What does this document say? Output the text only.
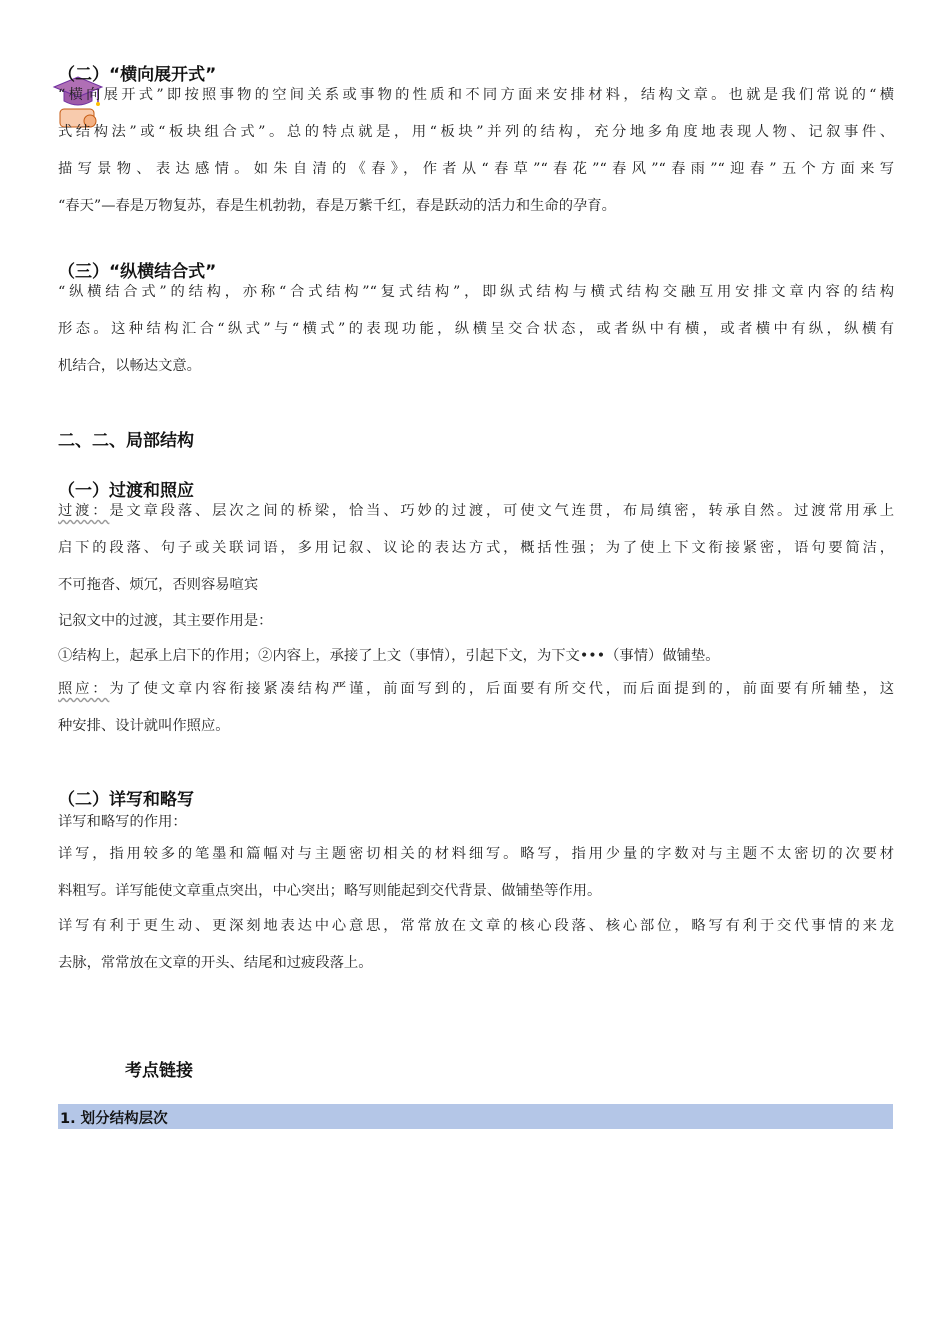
（二）“横向展开式”
“横向展开式”即按照事物的空间关系或事物的性质和不同方面来安排材料，结构文章。也就是我们常说的“横
式结构法”或“板块组合式”。总的特点就是，用“板块”并列的结构，充分地多角度地表现人物、记叙事件、
描写景物、表达感情。如朱自清的《春》，作者从“春草”“春花”“春风”“春雨”“迎春”五个方面来写
“春天”—春是万物复苏，春是生机勃勃，春是万紫千红，春是跃动的活力和生命的孕育。
（三）“纵横结合式”
“纵横结合式”的结构，亦称“合式结构”“复式结构”，即纵式结构与横式结构交融互用安排文章内容的结构
形态。这种结构汇合“纵式”与“横式”的表现功能，纵横呈交合状态，或者纵中有横，或者横中有纵，纵横有
机结合，以畅达文意。
二、二、局部结构
（一）过渡和照应
过渡：是文章段落、层次之间的桥梁，恰当、巧妙的过渡，可使文气连贯，布局缜密，转承自然。过渡常用承上
启下的段落、句子或关联词语，多用记叙、议论的表达方式，概括性强；为了使上下文衔接紧密，语句要简洁，
不可拖沓、烦冗，否则容易喧宾
记叙文中的过渡，其主要作用是：
①结构上，起承上启下的作用；②内容上，承接了上文（事情），引起下文，为下文•••（事情）做铺垫。
照应：为了使文章内容衔接紧凑结构严谨，前面写到的，后面要有所交代，而后面提到的，前面要有所辅垫，这
种安排、设计就叫作照应。
（二）详写和略写
详写和略写的作用：
详写，指用较多的笔墨和篇幅对与主题密切相关的材料细写。略写，指用少量的字数对与主题不太密切的次要材
料粗写。详写能使文章重点突出，中心突出；略写则能起到交代背景、做铺垫等作用。
详写有利于更生动、更深刻地表达中心意思，常常放在文章的核心段落、核心部位，略写有利于交代事情的来龙
去脉，常常放在文章的开头、结尾和过疲段落上。
考点链接
1. 划分结构层次
